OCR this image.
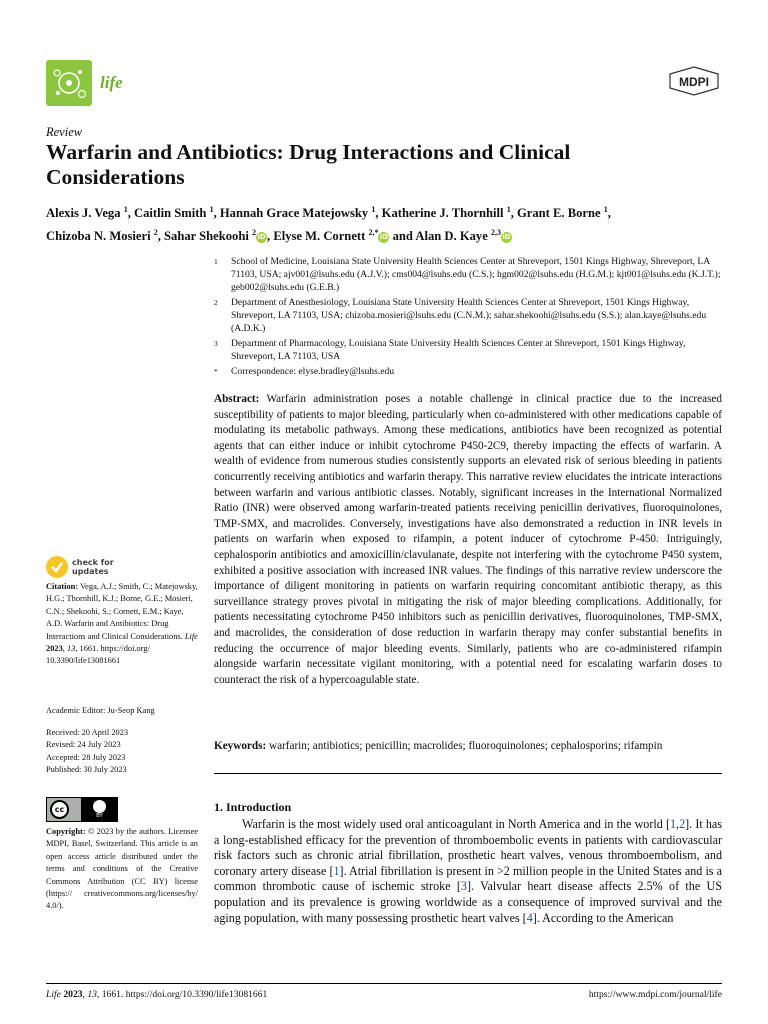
life	MDPI
Review
Warfarin and Antibiotics: Drug Interactions and Clinical Considerations
Alexis J. Vega $^1$, Caitlin Smith $^1$, Hannah Grace Matejowsky $^1$, Katherine J. Thornhill $^1$, Grant E. Borne $^1$,
Chizoba N. Mosieri $^2$, Sahar Shekoohi $^2$iD, Elyse M. Cornett $^{2,*}$iD and Alan D. Kaye $^{2,3}$iD
1	School of Medicine, Louisiana State University Health Sciences Center at Shreveport, 1501 Kings Highway, Shreveport, LA 71103, USA; ajv001@lsuhs.edu (A.J.V.); cms004@lsuhs.edu (C.S.); hgm002@lsuhs.edu (H.G.M.); kjt001@lsuhs.edu (K.J.T.); geb002@lsuhs.edu (G.E.B.)
2	Department of Anesthesiology, Louisiana State University Health Sciences Center at Shreveport, 1501 Kings Highway, Shreveport, LA 71103, USA; chizoba.mosieri@lsuhs.edu (C.N.M.); sahar.shekoohi@lsuhs.edu (S.S.); alan.kaye@lsuhs.edu (A.D.K.)
3	Department of Pharmacology, Louisiana State University Health Sciences Center at Shreveport, 1501 Kings Highway, Shreveport, LA 71103, USA
*	Correspondence: elyse.bradley@lsuhs.edu
Abstract: Warfarin administration poses a notable challenge in clinical practice due to the increased susceptibility of patients to major bleeding, particularly when co-administered with other medications capable of modulating its metabolic pathways. Among these medications, antibiotics have been recognized as potential agents that can either induce or inhibit cytochrome P450-2C9, thereby impacting the effects of warfarin. A wealth of evidence from numerous studies consistently supports an elevated risk of serious bleeding in patients concurrently receiving antibiotics and warfarin therapy. This narrative review elucidates the intricate interactions between warfarin and various antibiotic classes. Notably, significant increases in the International Normalized Ratio (INR) were observed among warfarin-treated patients receiving penicillin derivatives, fluoroquinolones, TMP-SMX, and macrolides. Conversely, investigations have also demonstrated a reduction in INR levels in patients on warfarin when exposed to rifampin, a potent inducer of cytochrome P-450. Intriguingly, cephalosporin antibiotics and amoxicillin/clavulanate, despite not interfering with the cytochrome P450 system, exhibited a positive association with increased INR values. The findings of this narrative review underscore the importance of diligent monitoring in patients on warfarin requiring concomitant antibiotic therapy, as this surveillance strategy proves pivotal in mitigating the risk of major bleeding complications. Additionally, for patients necessitating cytochrome P450 inhibitors such as penicillin derivatives, fluoroquinolones, TMP-SMX, and macrolides, the consideration of dose reduction in warfarin therapy may confer substantial benefits in reducing the occurrence of major bleeding events. Similarly, patients who are co-administered rifampin alongside warfarin necessitate vigilant monitoring, with a potential need for escalating warfarin doses to counteract the risk of a hypercoagulable state.
Keywords: warfarin; antibiotics; penicillin; macrolides; fluoroquinolones; cephalosporins; rifampin
1. Introduction
Warfarin is the most widely used oral anticoagulant in North America and in the world [1,2]. It has a long-established efficacy for the prevention of thromboembolic events in patients with cardiovascular risk factors such as chronic atrial fibrillation, prosthetic heart valves, venous thromboembolism, and coronary artery disease [1]. Atrial fibrillation is present in >2 million people in the United States and is a common thrombotic cause of ischemic stroke [3]. Valvular heart disease affects 2.5% of the US population and its prevalence is growing worldwide as a consequence of improved survival and the aging population, with many possessing prosthetic heart valves [4]. According to the American
check for
updates
Citation: Vega, A.J.; Smith, C.; Matejowsky, H.G.; Thornhill, K.J.; Borne, G.E.; Mosieri, C.N.; Shekoohi, S.; Cornett, E.M.; Kaye, A.D. Warfarin and Antibiotics: Drug Interactions and Clinical Considerations. Life 2023, 13, 1661. https://doi.org/ 10.3390/life13081661
Academic Editor: Ju-Seop Kang
Received: 20 April 2023
Revised: 24 July 2023
Accepted: 28 July 2023
Published: 30 July 2023
cc
BY
Copyright: © 2023 by the authors. Licensee MDPI, Basel, Switzerland. This article is an open access article distributed under the terms and conditions of the Creative Commons Attribution (CC BY) license (https:// creativecommons.org/licenses/by/ 4.0/).
Life 2023, 13, 1661. https://doi.org/10.3390/life13081661	https://www.mdpi.com/journal/life
